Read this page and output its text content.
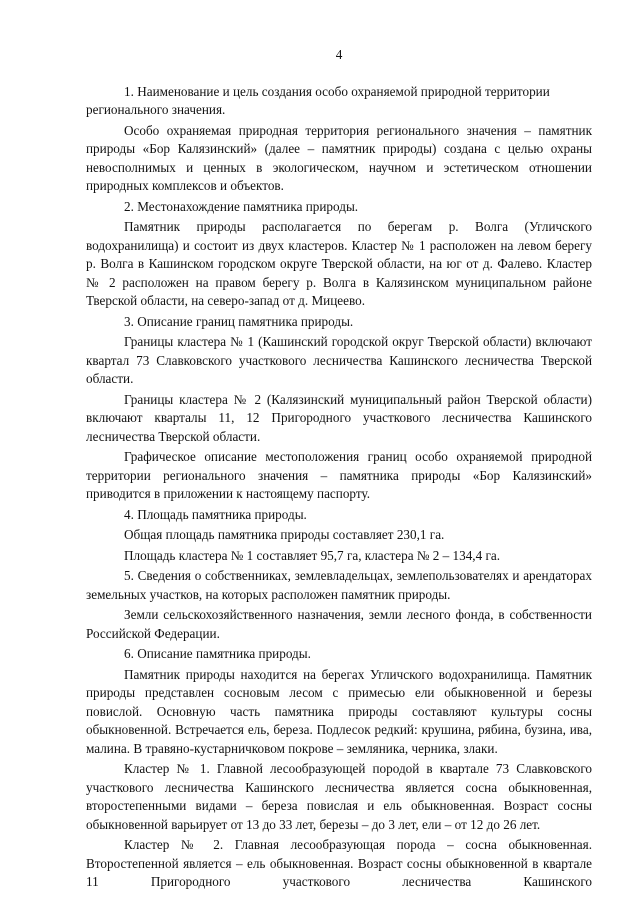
4
1. Наименование и цель создания особо охраняемой природной территории регионального значения.
Особо охраняемая природная территория регионального значения – памятник природы «Бор Калязинский» (далее – памятник природы) создана с целью охраны невосполнимых и ценных в экологическом, научном и эстетическом отношении природных комплексов и объектов.
2. Местонахождение памятника природы.
Памятник природы располагается по берегам р. Волга (Угличского водохранилища) и состоит из двух кластеров. Кластер № 1 расположен на левом берегу р. Волга в Кашинском городском округе Тверской области, на юг от д. Фалево. Кластер № 2 расположен на правом берегу р. Волга в Калязинском муниципальном районе Тверской области, на северо-запад от д. Мицеево.
3. Описание границ памятника природы.
Границы кластера № 1 (Кашинский городской округ Тверской области) включают квартал 73 Славковского участкового лесничества Кашинского лесничества Тверской области.
Границы кластера № 2 (Калязинский муниципальный район Тверской области) включают кварталы 11, 12 Пригородного участкового лесничества Кашинского лесничества Тверской области.
Графическое описание местоположения границ особо охраняемой природной территории регионального значения – памятника природы «Бор Калязинский» приводится в приложении к настоящему паспорту.
4. Площадь памятника природы.
Общая площадь памятника природы составляет 230,1 га.
Площадь кластера № 1 составляет 95,7 га, кластера № 2 – 134,4 га.
5. Сведения о собственниках, землевладельцах, землепользователях и арендаторах земельных участков, на которых расположен памятник природы.
Земли сельскохозяйственного назначения, земли лесного фонда, в собственности Российской Федерации.
6. Описание памятника природы.
Памятник природы находится на берегах Угличского водохранилища. Памятник природы представлен сосновым лесом с примесью ели обыкновенной и березы повислой. Основную часть памятника природы составляют культуры сосны обыкновенной. Встречается ель, береза. Подлесок редкий: крушина, рябина, бузина, ива, малина. В травяно-кустарничковом покрове – земляника, черника, злаки.
Кластер № 1. Главной лесообразующей породой в квартале 73 Славковского участкового лесничества Кашинского лесничества является сосна обыкновенная, второстепенными видами – береза повислая и ель обыкновенная. Возраст сосны обыкновенной варьирует от 13 до 33 лет, березы – до 3 лет, ели – от 12 до 26 лет.
Кластер № 2. Главная лесообразующая порода – сосна обыкновенная. Второстепенной является – ель обыкновенная. Возраст сосны обыкновенной в квартале 11 Пригородного участкового лесничества Кашинского
